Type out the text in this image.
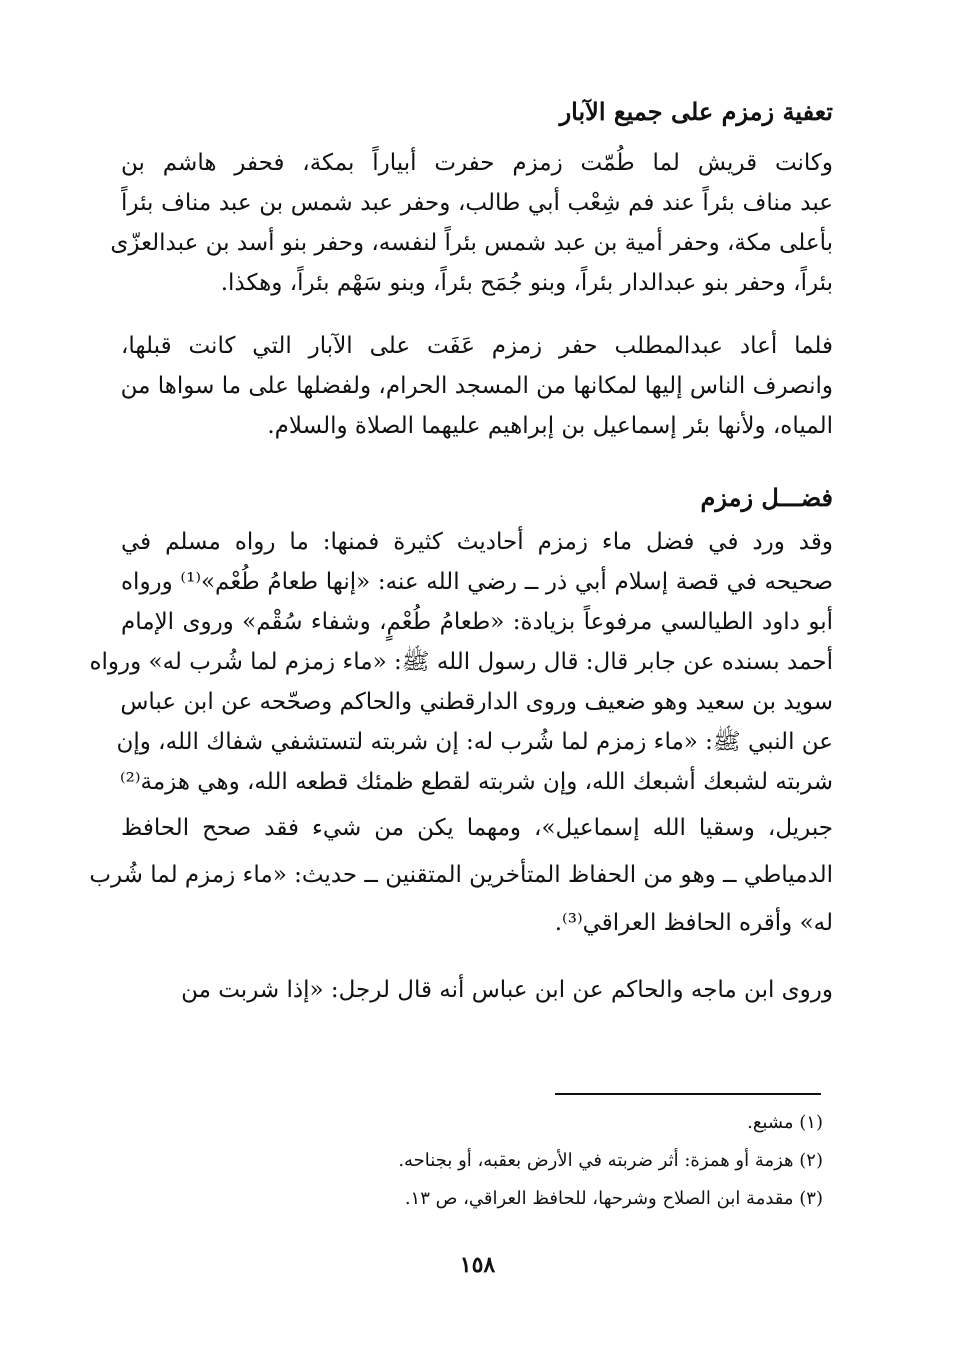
تعفية زمزم على جميع الآبار
وكانت قريش لما طُمّت زمزم حفرت أبياراً بمكة، فحفر هاشم بن
عبد مناف بئراً عند فم شِعْب أبي طالب، وحفر عبد شمس بن عبد مناف بئراً
بأعلى مكة، وحفر أمية بن عبد شمس بئراً لنفسه، وحفر بنو أسد بن عبدالعزّى
بئراً، وحفر بنو عبدالدار بئراً، وبنو جُمَح بئراً، وبنو سَهْم بئراً، وهكذا.
فلما أعاد عبدالمطلب حفر زمزم عَفَت على الآبار التي كانت قبلها،
وانصرف الناس إليها لمكانها من المسجد الحرام، ولفضلها على ما سواها من
المياه، ولأنها بئر إسماعيل بن إبراهيم عليهما الصلاة والسلام.
فضـــل زمزم
وقد ورد في فضل ماء زمزم أحاديث كثيرة فمنها: ما رواه مسلم في
صحيحه في قصة إسلام أبي ذر ــ رضي الله عنه: «إنها طعامُ طُعْم»⁽¹⁾ ورواه
أبو داود الطيالسي مرفوعاً بزيادة: «طعامُ طُعْمٍ، وشفاء سُقْم» وروى الإمام
أحمد بسنده عن جابر قال: قال رسول الله ﷺ: «ماء زمزم لما شُرب له» ورواه
سويد بن سعيد وهو ضعيف وروى الدارقطني والحاكم وصحّحه عن ابن عباس
عن النبي ﷺ: «ماء زمزم لما شُرب له: إن شربته لتستشفي شفاك الله، وإن
شربته لشبعك أشبعك الله، وإن شربته لقطع ظمئك قطعه الله، وهي هزمة⁽²⁾
جبريل، وسقيا الله إسماعيل»، ومهما يكن من شيء فقد صحح الحافظ
الدمياطي ــ وهو من الحفاظ المتأخرين المتقنين ــ حديث: «ماء زمزم لما شُرب
له» وأقره الحافظ العراقي⁽³⁾.
وروى ابن ماجه والحاكم عن ابن عباس أنه قال لرجل: «إذا شربت من
(١) مشبع.
(٢) هزمة أو همزة: أثر ضربته في الأرض بعقبه، أو بجناحه.
(٣) مقدمة ابن الصلاح وشرحها، للحافظ العراقي، ص ١٣.
١٥٨
